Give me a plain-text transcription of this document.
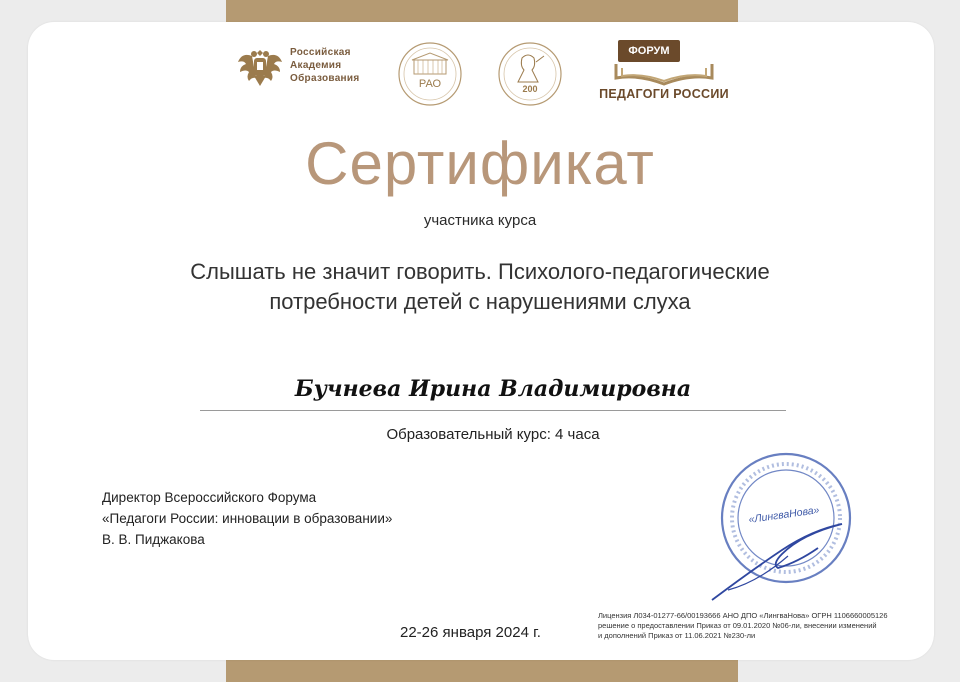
Российская
Академия
Образования	РАО	200
ФОРУМ
ПЕДАГОГИ РОССИИ
Сертификат
участника курса
Слышать не значит говорить. Психолого-педагогические
потребности детей с нарушениями слуха
Бучнева Ирина Владимировна
Образовательный курс: 4 часа
Директор Всероссийского Форума
«Педагоги России: инновации в образовании»
В. В. Пиджакова
«ЛингваНова»
22-26 января 2024 г.
Лицензия Л034-01277-66/00193666 АНО ДПО «ЛингваНова» ОГРН 1106660005126
решение о предоставлении Приказ от 09.01.2020 №06-ли, внесении изменений
и дополнений Приказ от 11.06.2021 №230-ли
